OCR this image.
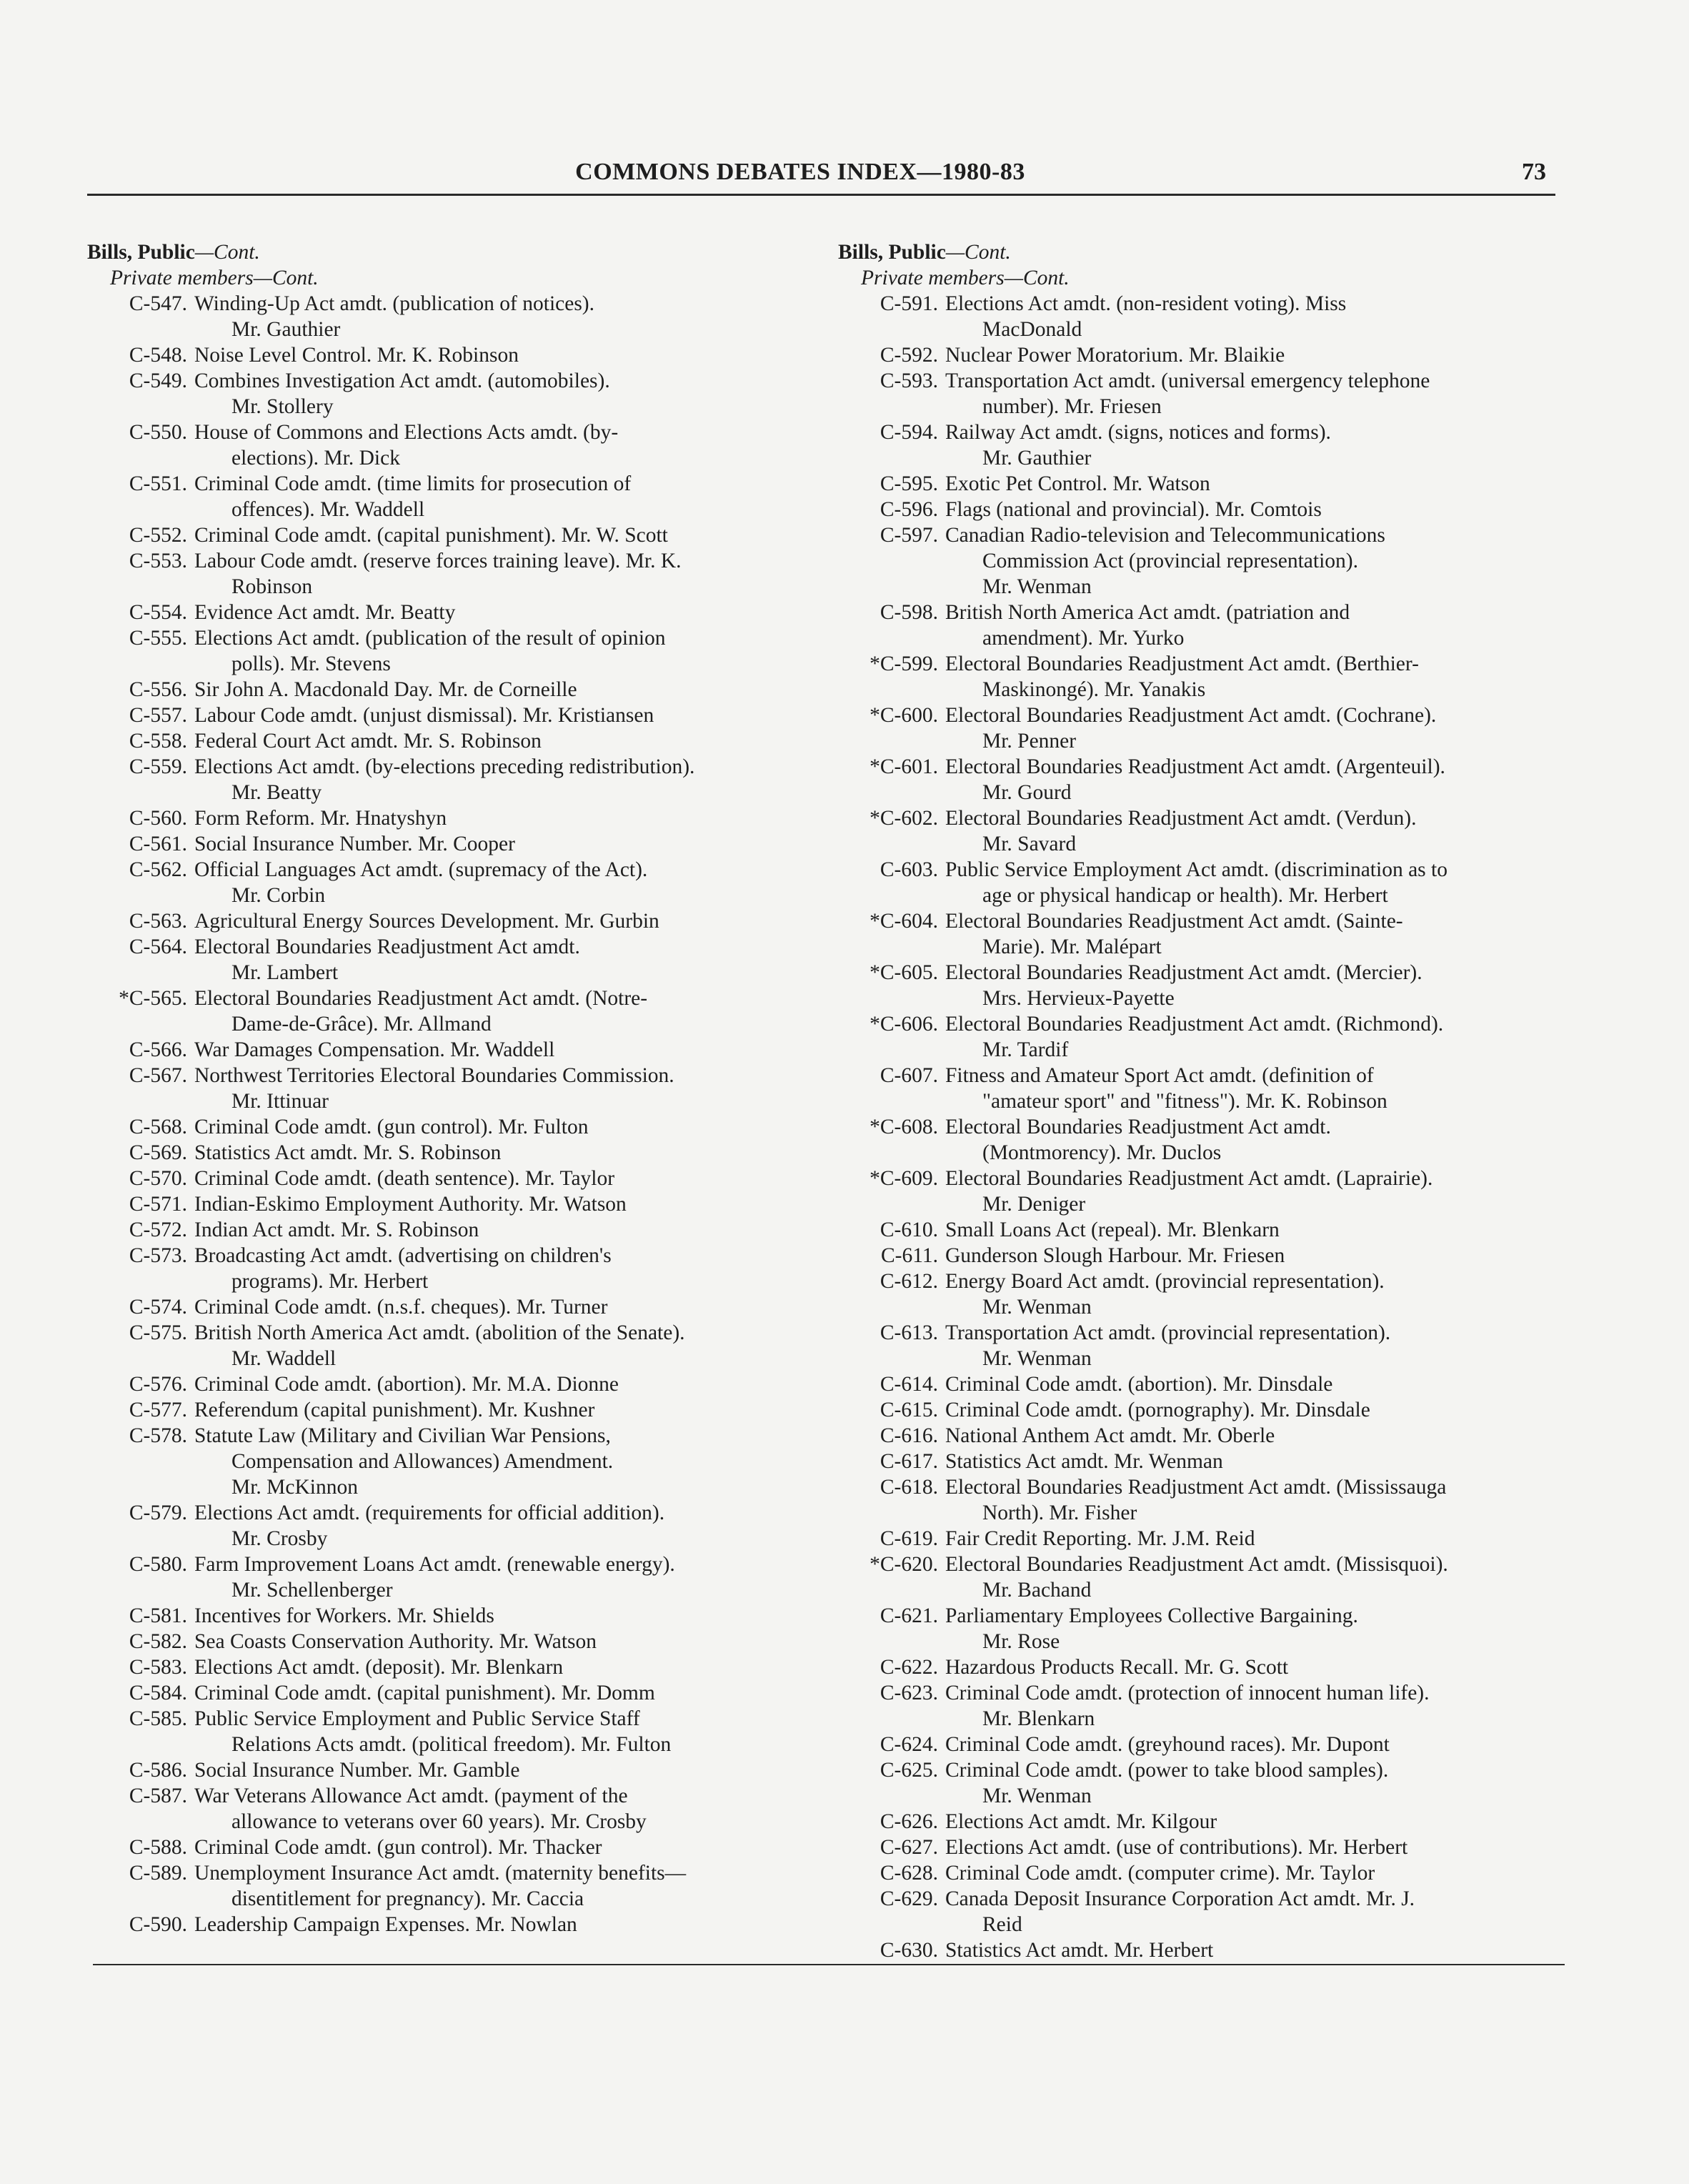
COMMONS DEBATES INDEX—1980-83	73
Bills, Public—Cont.
Private members—Cont.
C-547. Winding-Up Act amdt. (publication of notices).
Mr. Gauthier
C-548. Noise Level Control. Mr. K. Robinson
C-549. Combines Investigation Act amdt. (automobiles).
Mr. Stollery
C-550. House of Commons and Elections Acts amdt. (by-
elections). Mr. Dick
C-551. Criminal Code amdt. (time limits for prosecution of
offences). Mr. Waddell
C-552. Criminal Code amdt. (capital punishment). Mr. W. Scott
C-553. Labour Code amdt. (reserve forces training leave). Mr. K.
Robinson
C-554. Evidence Act amdt. Mr. Beatty
C-555. Elections Act amdt. (publication of the result of opinion
polls). Mr. Stevens
C-556. Sir John A. Macdonald Day. Mr. de Corneille
C-557. Labour Code amdt. (unjust dismissal). Mr. Kristiansen
C-558. Federal Court Act amdt. Mr. S. Robinson
C-559. Elections Act amdt. (by-elections preceding redistribution).
Mr. Beatty
C-560. Form Reform. Mr. Hnatyshyn
C-561. Social Insurance Number. Mr. Cooper
C-562. Official Languages Act amdt. (supremacy of the Act).
Mr. Corbin
C-563. Agricultural Energy Sources Development. Mr. Gurbin
C-564. Electoral Boundaries Readjustment Act amdt.
Mr. Lambert
*C-565. Electoral Boundaries Readjustment Act amdt. (Notre-
Dame-de-Grâce). Mr. Allmand
C-566. War Damages Compensation. Mr. Waddell
C-567. Northwest Territories Electoral Boundaries Commission.
Mr. Ittinuar
C-568. Criminal Code amdt. (gun control). Mr. Fulton
C-569. Statistics Act amdt. Mr. S. Robinson
C-570. Criminal Code amdt. (death sentence). Mr. Taylor
C-571. Indian-Eskimo Employment Authority. Mr. Watson
C-572. Indian Act amdt. Mr. S. Robinson
C-573. Broadcasting Act amdt. (advertising on children's
programs). Mr. Herbert
C-574. Criminal Code amdt. (n.s.f. cheques). Mr. Turner
C-575. British North America Act amdt. (abolition of the Senate).
Mr. Waddell
C-576. Criminal Code amdt. (abortion). Mr. M.A. Dionne
C-577. Referendum (capital punishment). Mr. Kushner
C-578. Statute Law (Military and Civilian War Pensions,
Compensation and Allowances) Amendment.
Mr. McKinnon
C-579. Elections Act amdt. (requirements for official addition).
Mr. Crosby
C-580. Farm Improvement Loans Act amdt. (renewable energy).
Mr. Schellenberger
C-581. Incentives for Workers. Mr. Shields
C-582. Sea Coasts Conservation Authority. Mr. Watson
C-583. Elections Act amdt. (deposit). Mr. Blenkarn
C-584. Criminal Code amdt. (capital punishment). Mr. Domm
C-585. Public Service Employment and Public Service Staff
Relations Acts amdt. (political freedom). Mr. Fulton
C-586. Social Insurance Number. Mr. Gamble
C-587. War Veterans Allowance Act amdt. (payment of the
allowance to veterans over 60 years). Mr. Crosby
C-588. Criminal Code amdt. (gun control). Mr. Thacker
C-589. Unemployment Insurance Act amdt. (maternity benefits—
disentitlement for pregnancy). Mr. Caccia
C-590. Leadership Campaign Expenses. Mr. Nowlan
Bills, Public—Cont.
Private members—Cont.
C-591. Elections Act amdt. (non-resident voting). Miss
MacDonald
C-592. Nuclear Power Moratorium. Mr. Blaikie
C-593. Transportation Act amdt. (universal emergency telephone
number). Mr. Friesen
C-594. Railway Act amdt. (signs, notices and forms).
Mr. Gauthier
C-595. Exotic Pet Control. Mr. Watson
C-596. Flags (national and provincial). Mr. Comtois
C-597. Canadian Radio-television and Telecommunications
Commission Act (provincial representation).
Mr. Wenman
C-598. British North America Act amdt. (patriation and
amendment). Mr. Yurko
*C-599. Electoral Boundaries Readjustment Act amdt. (Berthier-
Maskinongé). Mr. Yanakis
*C-600. Electoral Boundaries Readjustment Act amdt. (Cochrane).
Mr. Penner
*C-601. Electoral Boundaries Readjustment Act amdt. (Argenteuil).
Mr. Gourd
*C-602. Electoral Boundaries Readjustment Act amdt. (Verdun).
Mr. Savard
C-603. Public Service Employment Act amdt. (discrimination as to
age or physical handicap or health). Mr. Herbert
*C-604. Electoral Boundaries Readjustment Act amdt. (Sainte-
Marie). Mr. Malépart
*C-605. Electoral Boundaries Readjustment Act amdt. (Mercier).
Mrs. Hervieux-Payette
*C-606. Electoral Boundaries Readjustment Act amdt. (Richmond).
Mr. Tardif
C-607. Fitness and Amateur Sport Act amdt. (definition of
"amateur sport" and "fitness"). Mr. K. Robinson
*C-608. Electoral Boundaries Readjustment Act amdt.
(Montmorency). Mr. Duclos
*C-609. Electoral Boundaries Readjustment Act amdt. (Laprairie).
Mr. Deniger
C-610. Small Loans Act (repeal). Mr. Blenkarn
C-611. Gunderson Slough Harbour. Mr. Friesen
C-612. Energy Board Act amdt. (provincial representation).
Mr. Wenman
C-613. Transportation Act amdt. (provincial representation).
Mr. Wenman
C-614. Criminal Code amdt. (abortion). Mr. Dinsdale
C-615. Criminal Code amdt. (pornography). Mr. Dinsdale
C-616. National Anthem Act amdt. Mr. Oberle
C-617. Statistics Act amdt. Mr. Wenman
C-618. Electoral Boundaries Readjustment Act amdt. (Mississauga
North). Mr. Fisher
C-619. Fair Credit Reporting. Mr. J.M. Reid
*C-620. Electoral Boundaries Readjustment Act amdt. (Missisquoi).
Mr. Bachand
C-621. Parliamentary Employees Collective Bargaining.
Mr. Rose
C-622. Hazardous Products Recall. Mr. G. Scott
C-623. Criminal Code amdt. (protection of innocent human life).
Mr. Blenkarn
C-624. Criminal Code amdt. (greyhound races). Mr. Dupont
C-625. Criminal Code amdt. (power to take blood samples).
Mr. Wenman
C-626. Elections Act amdt. Mr. Kilgour
C-627. Elections Act amdt. (use of contributions). Mr. Herbert
C-628. Criminal Code amdt. (computer crime). Mr. Taylor
C-629. Canada Deposit Insurance Corporation Act amdt. Mr. J.
Reid
C-630. Statistics Act amdt. Mr. Herbert
